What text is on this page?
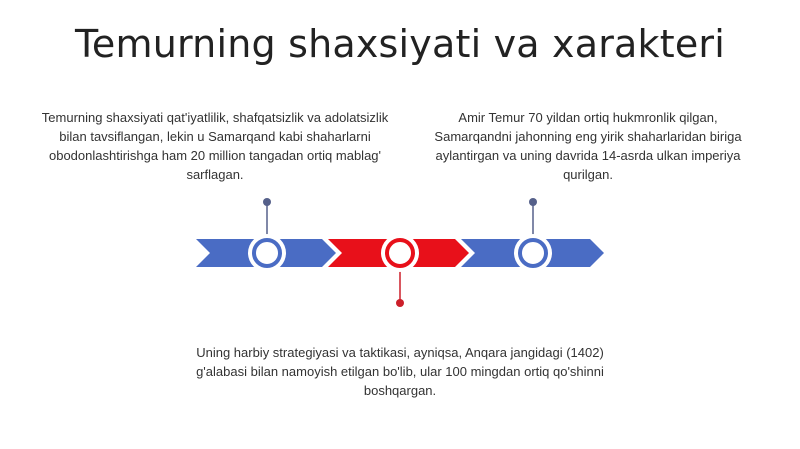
Temurning shaxsiyati va xarakteri
Temurning shaxsiyati qat'iyatlilik, shafqatsizlik va adolatsizlik bilan tavsiflangan, lekin u Samarqand kabi shaharlarni obodonlashtirishga ham 20 million tangadan ortiq mablag' sarflagan.
Amir Temur 70 yildan ortiq hukmronlik qilgan, Samarqandni jahonning eng yirik shaharlaridan biriga aylantirgan va uning davrida 14-asrda ulkan imperiya qurilgan.
Uning harbiy strategiyasi va taktikasi, ayniqsa, Anqara jangidagi (1402) g'alabasi bilan namoyish etilgan bo'lib, ular 100 mingdan ortiq qo'shinni boshqargan.
